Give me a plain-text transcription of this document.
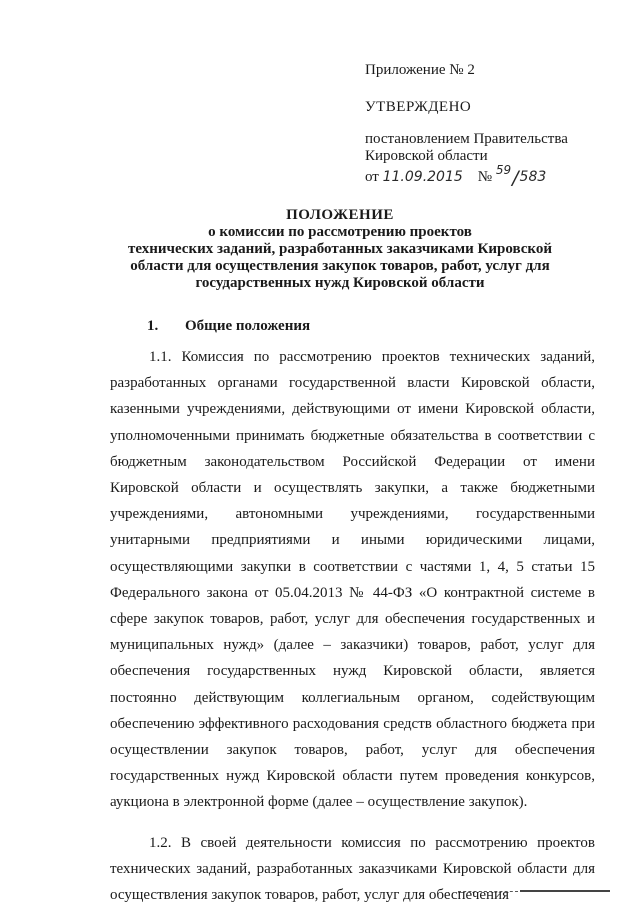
Приложение № 2
УТВЕРЖДЕНО
постановлением Правительства
Кировской области
от 11.09.2015 № 59/583
ПОЛОЖЕНИЕ
о комиссии по рассмотрению проектов
технических заданий, разработанных заказчиками Кировской
области для осуществления закупок товаров, работ, услуг для
государственных нужд Кировской области
1. Общие положения

1.1. Комиссия по рассмотрению проектов технических заданий, разработанных органами государственной власти Кировской области, казенными учреждениями, действующими от имени Кировской области, уполномоченными принимать бюджетные обязательства в соответствии с бюджетным законодательством Российской Федерации от имени Кировской области и осуществлять закупки, а также бюджетными учреждениями, автономными учреждениями, государственными унитарными предприятиями и иными юридическими лицами, осуществляющими закупки в соответствии с частями 1, 4, 5 статьи 15 Федерального закона от 05.04.2013 № 44-ФЗ «О контрактной системе в сфере закупок товаров, работ, услуг для обеспечения государственных и муниципальных нужд» (далее – заказчики) товаров, работ, услуг для обеспечения государственных нужд Кировской области, является постоянно действующим коллегиальным органом, содействующим обеспечению эффективного расходования средств областного бюджета при осуществлении закупок товаров, работ, услуг для обеспечения государственных нужд Кировской области путем проведения конкурсов, аукциона в электронной форме (далее – осуществление закупок).

1.2. В своей деятельности комиссия по рассмотрению проектов технических заданий, разработанных заказчиками Кировской области для осуществления закупок товаров, работ, услуг для обеспечения
